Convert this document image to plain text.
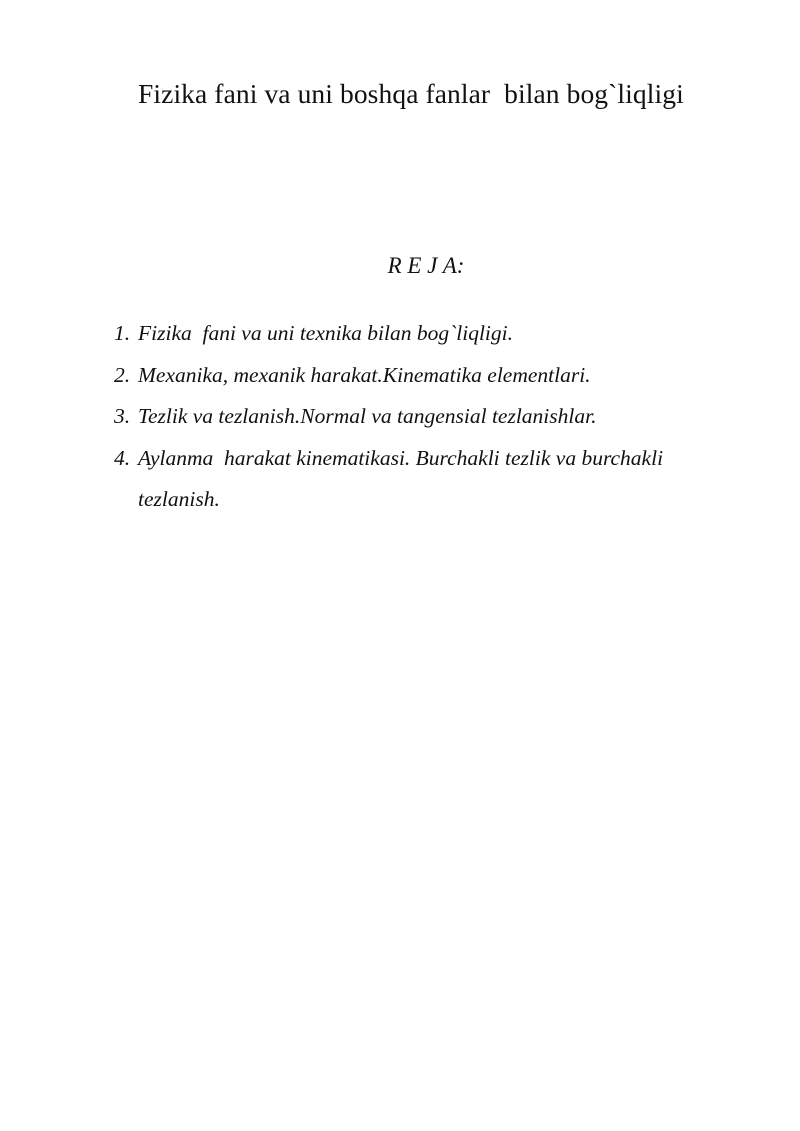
Fizika fani va uni boshqa fanlar  bilan bog`liqligi
R E J A:
1. Fizika  fani va uni texnika bilan bog`liqligi.
2. Mexanika, mexanik harakat.Kinematika elementlari.
3. Tezlik va tezlanish.Normal va tangensial tezlanishlar.
4. Aylanma  harakat kinematikasi. Burchakli tezlik va burchakli
tezlanish.
